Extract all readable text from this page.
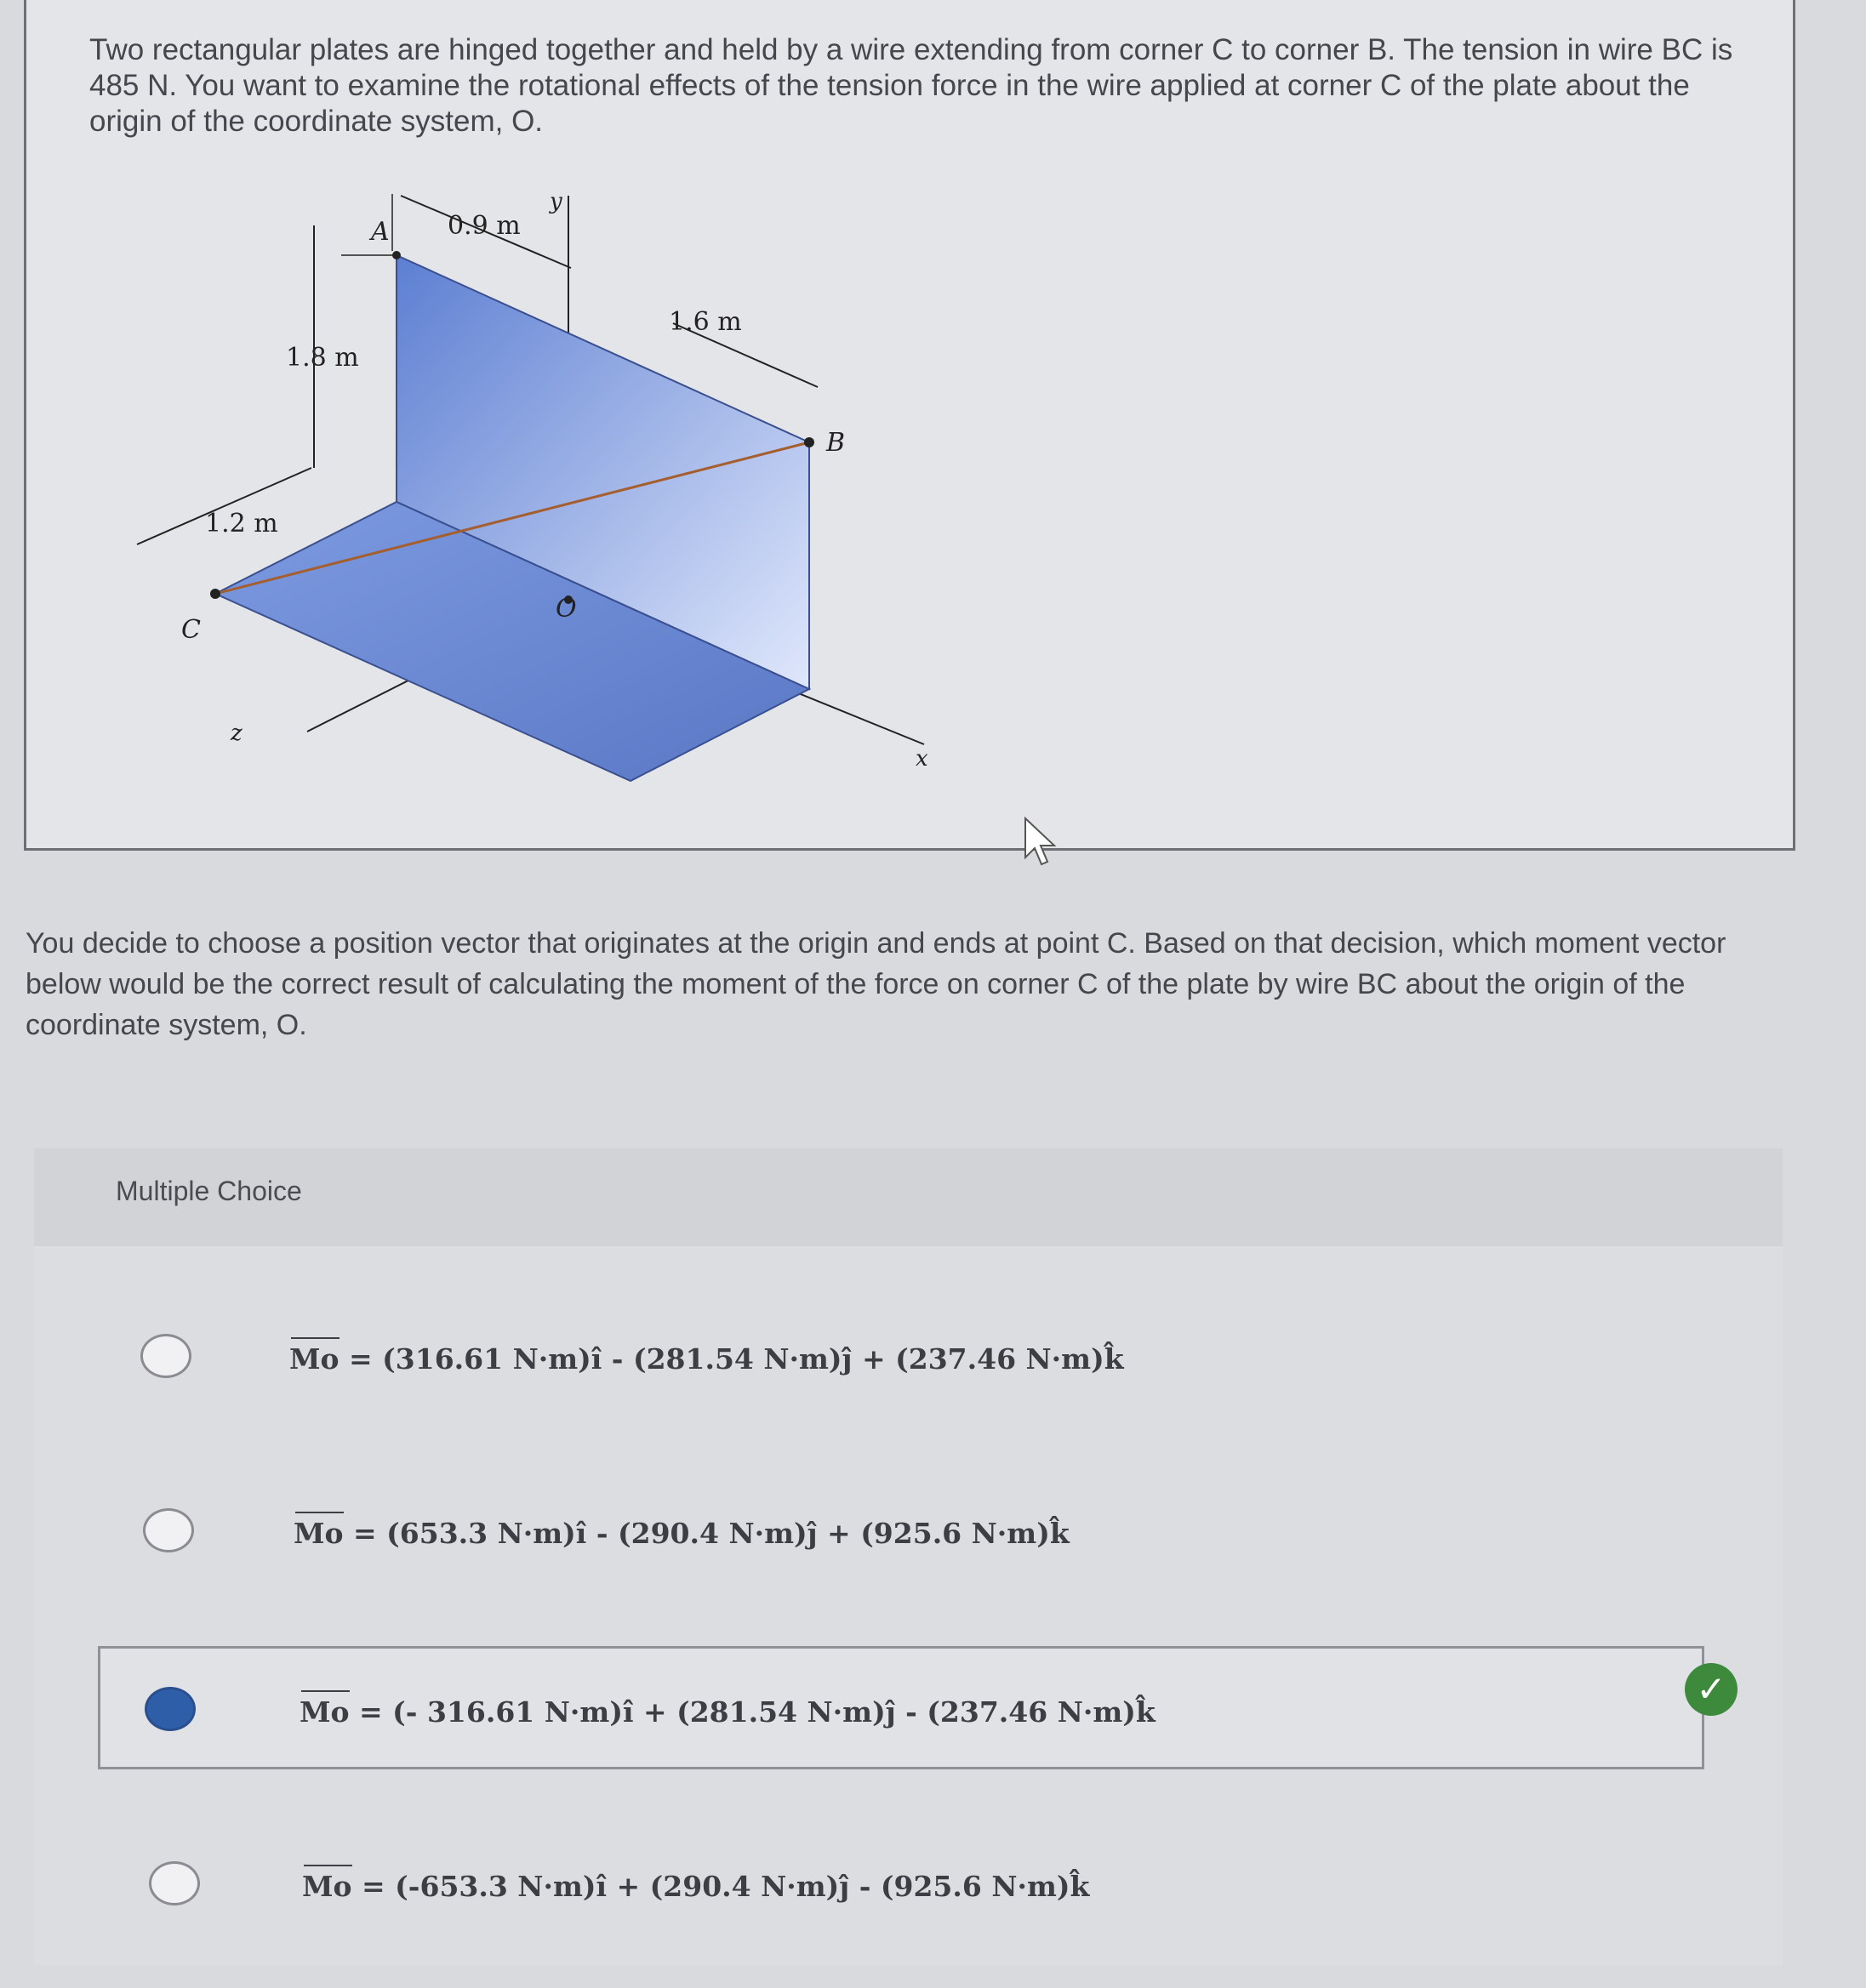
Two rectangular plates are hinged together and held by a wire extending from corner C to corner B. The tension in wire BC is 485 N. You want to examine the rotational effects of the tension force in the wire applied at corner C of the plate about the origin of the coordinate system, O.
0.9 m
1.6 m
1.8 m
1.2 m
A
B
C
O
x
y
z
You decide to choose a position vector that originates at the origin and ends at point C. Based on that decision, which moment vector below would be the correct result of calculating the moment of the force on corner C of the plate by wire BC about the origin of the coordinate system, O.
Multiple Choice
✓
Mo = (316.61 N·m)î - (281.54 N·m)ĵ + (237.46 N·m)k̂
Mo = (653.3 N·m)î - (290.4 N·m)ĵ + (925.6 N·m)k̂
Mo = (- 316.61 N·m)î + (281.54 N·m)ĵ - (237.46 N·m)k̂
Mo = (-653.3 N·m)î + (290.4 N·m)ĵ - (925.6 N·m)k̂
